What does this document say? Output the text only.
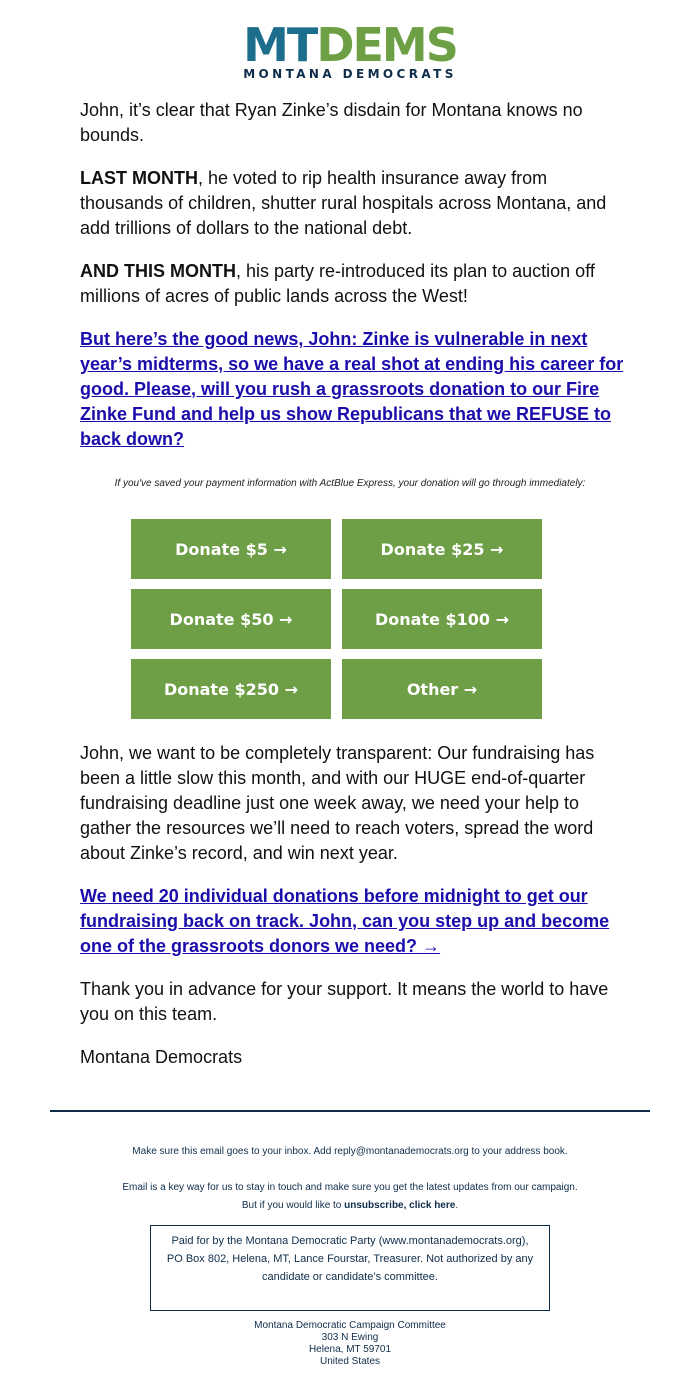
MTDEMS
MONTANA DEMOCRATS
John, it’s clear that Ryan Zinke’s disdain for Montana knows no bounds.
LAST MONTH, he voted to rip health insurance away from thousands of children, shutter rural hospitals across Montana, and add trillions of dollars to the national debt.
AND THIS MONTH, his party re-introduced its plan to auction off millions of acres of public lands across the West!
But here’s the good news, John: Zinke is vulnerable in next year’s midterms, so we have a real shot at ending his career for good. Please, will you rush a grassroots donation to our Fire Zinke Fund and help us show Republicans that we REFUSE to back down?
If you've saved your payment information with ActBlue Express, your donation will go through immediately:
Donate $5 →	Donate $25 →
Donate $50 →	Donate $100 →
Donate $250 →	Other →
John, we want to be completely transparent: Our fundraising has been a little slow this month, and with our HUGE end-of-quarter fundraising deadline just one week away, we need your help to gather the resources we’ll need to reach voters, spread the word about Zinke’s record, and win next year.
We need 20 individual donations before midnight to get our fundraising back on track. John, can you step up and become one of the grassroots donors we need? →
Thank you in advance for your support. It means the world to have you on this team.
Montana Democrats
Make sure this email goes to your inbox. Add reply@montanademocrats.org to your address book.
Email is a key way for us to stay in touch and make sure you get the latest updates from our campaign.
But if you would like to unsubscribe, click here.
Paid for by the Montana Democratic Party (www.montanademocrats.org), PO Box 802, Helena, MT, Lance Fourstar, Treasurer. Not authorized by any candidate or candidate’s committee.
Montana Democratic Campaign Committee
303 N Ewing
Helena, MT 59701
United States
